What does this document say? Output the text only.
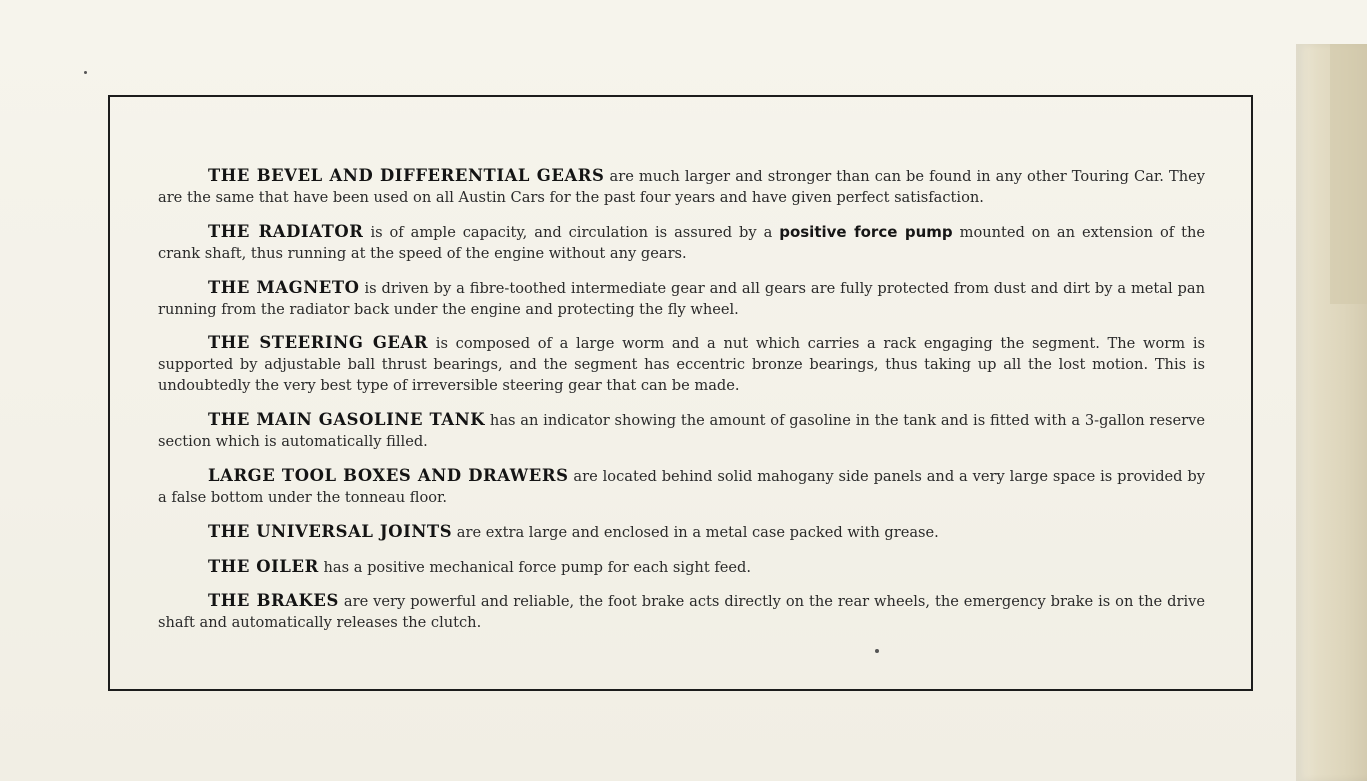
THE BEVEL AND DIFFERENTIAL GEARS are much larger and stronger than can be found in any other Touring Car. They are the same that have been used on all Austin Cars for the past four years and have given perfect satisfaction.

THE RADIATOR is of ample capacity, and circulation is assured by a positive force pump mounted on an extension of the crank shaft, thus running at the speed of the engine without any gears.

THE MAGNETO is driven by a fibre-toothed intermediate gear and all gears are fully protected from dust and dirt by a metal pan running from the radiator back under the engine and protecting the fly wheel.

THE STEERING GEAR is composed of a large worm and a nut which carries a rack engaging the segment. The worm is supported by adjustable ball thrust bearings, and the segment has eccentric bronze bearings, thus taking up all the lost motion. This is undoubtedly the very best type of irreversible steering gear that can be made.

THE MAIN GASOLINE TANK has an indicator showing the amount of gasoline in the tank and is fitted with a 3-gallon reserve section which is automatically filled.

LARGE TOOL BOXES AND DRAWERS are located behind solid mahogany side panels and a very large space is provided by a false bottom under the tonneau floor.

THE UNIVERSAL JOINTS are extra large and enclosed in a metal case packed with grease.

THE OILER has a positive mechanical force pump for each sight feed.

THE BRAKES are very powerful and reliable, the foot brake acts directly on the rear wheels, the emergency brake is on the drive shaft and automatically releases the clutch.
